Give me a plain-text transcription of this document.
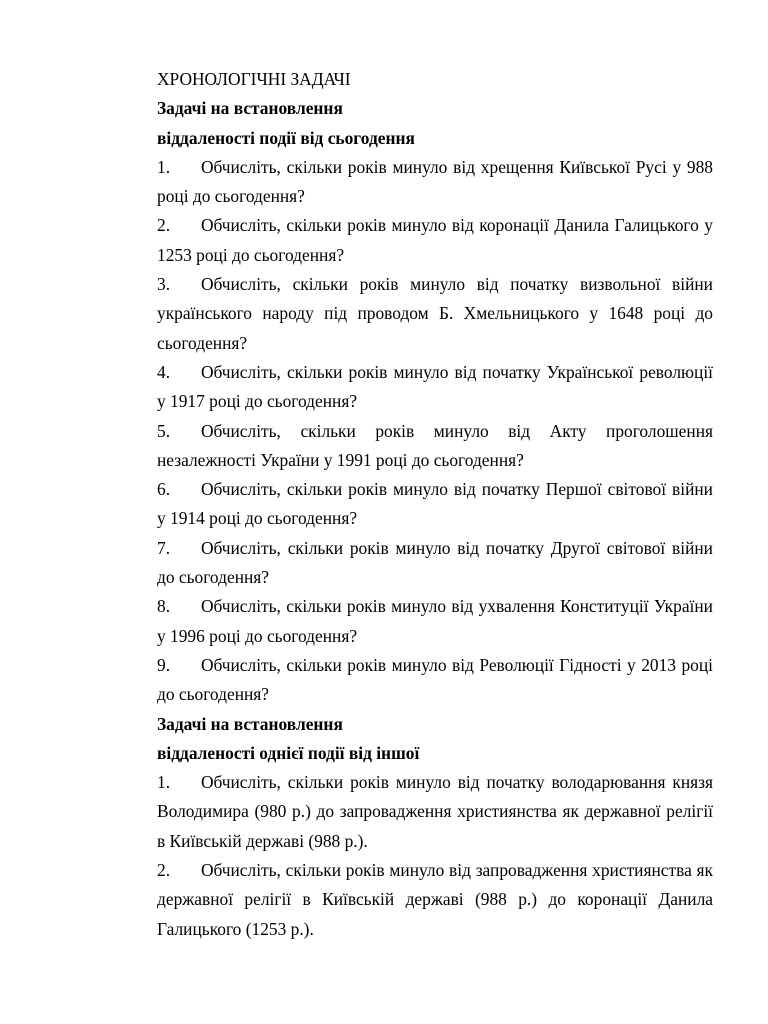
ХРОНОЛОГІЧНІ ЗАДАЧІ

Задачі на встановлення

віддаленості події від сьогодення

1. Обчисліть, скільки років минуло від хрещення Київської Русі у 988 році до сьогодення?

2. Обчисліть, скільки років минуло від коронації Данила Галицького у 1253 році до сьогодення?

3. Обчисліть, скільки років минуло від початку визвольної війни українського народу під проводом Б. Хмельницького у 1648 році до сьогодення?

4. Обчисліть, скільки років минуло від початку Української революції у 1917 році до сьогодення?

5. Обчисліть, скільки років минуло від Акту проголошення незалежності України у 1991 році до сьогодення?

6. Обчисліть, скільки років минуло від початку Першої світової війни у 1914 році до сьогодення?

7. Обчисліть, скільки років минуло від початку Другої світової війни до сьогодення?

8. Обчисліть, скільки років минуло від ухвалення Конституції України у 1996 році до сьогодення?

9. Обчисліть, скільки років минуло від Революції Гідності у 2013 році до сьогодення?

Задачі на встановлення

віддаленості однієї події від іншої

1. Обчисліть, скільки років минуло від початку володарювання князя Володимира (980 р.) до запровадження християнства як державної релігії в Київській державі (988 р.).

2. Обчисліть, скільки років минуло від запровадження християнства як державної релігії в Київській державі (988 р.) до коронації Данила Галицького (1253 р.).
